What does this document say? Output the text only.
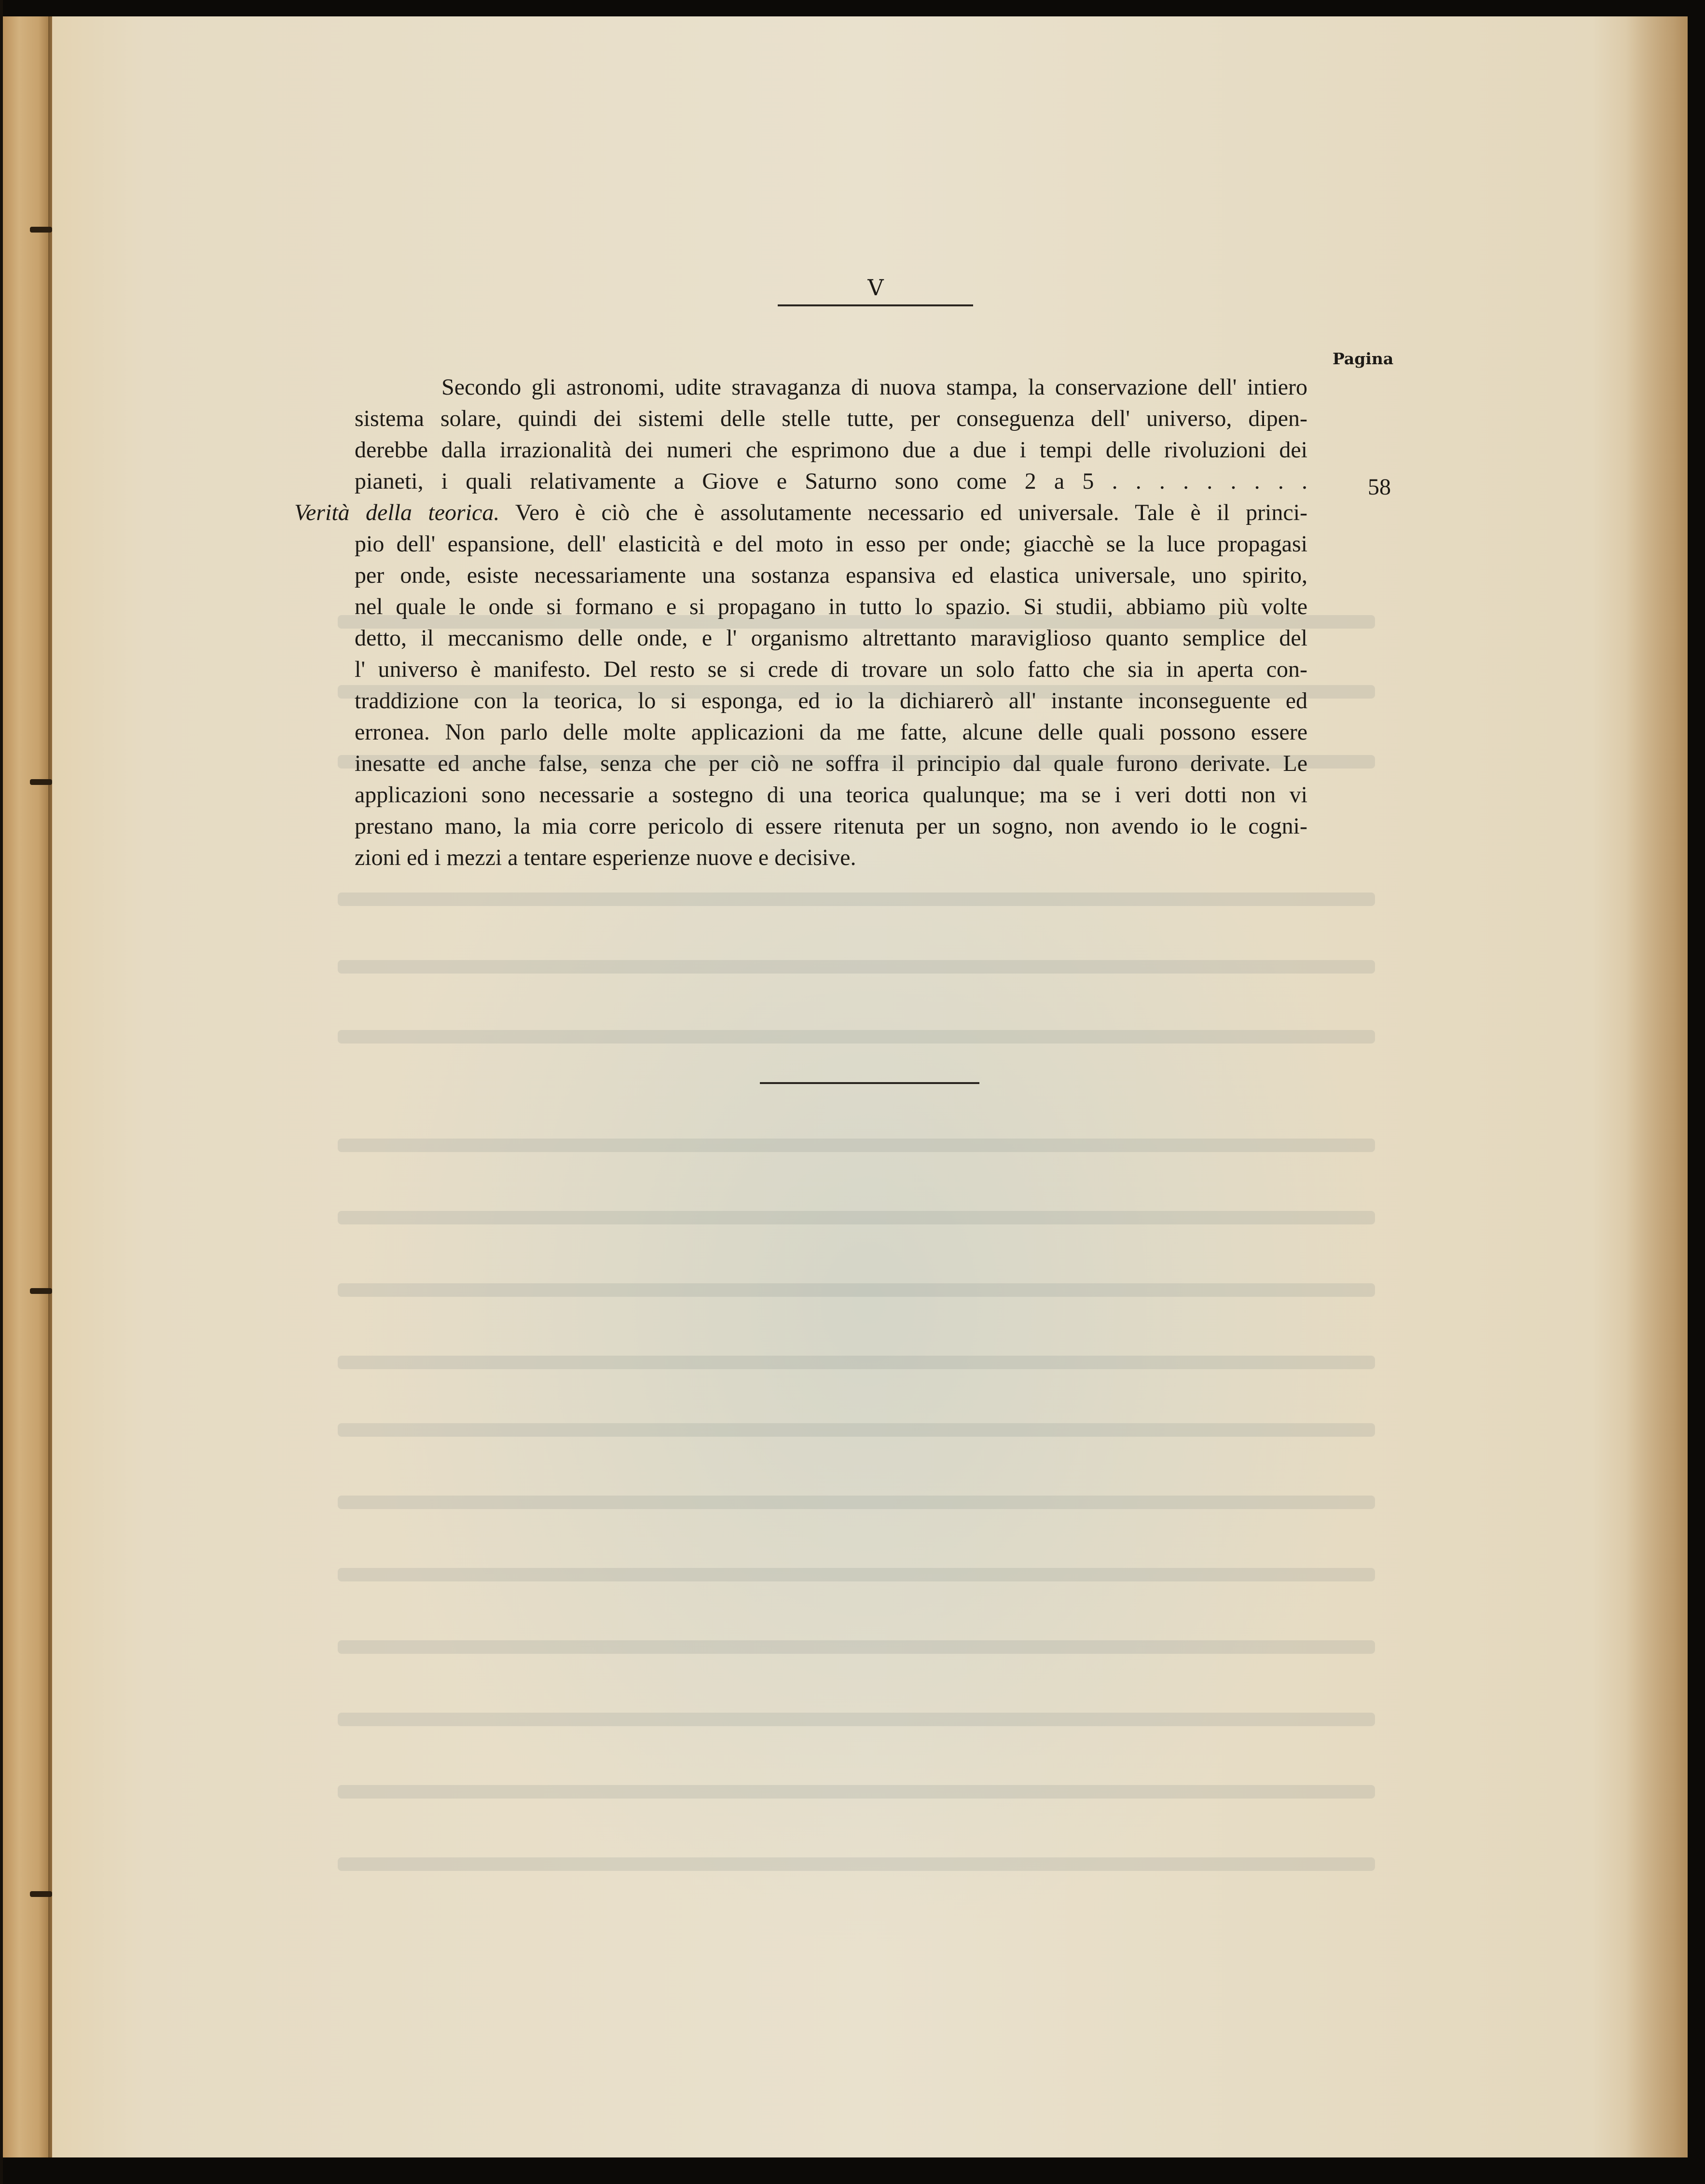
V
Pagina
Secondo gli astronomi, udite stravaganza di nuova stampa, la conservazione dell' intiero
sistema solare, quindi dei sistemi delle stelle tutte, per conseguenza dell' universo, dipen-
derebbe dalla irrazionalità dei numeri che esprimono due a due i tempi delle rivoluzioni dei
pianeti, i quali relativamente a Giove e Saturno sono come 2 a 5 . . . . . . . . .
Verità della teorica. Vero è ciò che è assolutamente necessario ed universale. Tale è il princi-
pio dell' espansione, dell' elasticità e del moto in esso per onde; giacchè se la luce propagasi
per onde, esiste necessariamente una sostanza espansiva ed elastica universale, uno spirito,
nel quale le onde si formano e si propagano in tutto lo spazio. Si studii, abbiamo più volte
detto, il meccanismo delle onde, e l' organismo altrettanto maraviglioso quanto semplice del
l' universo è manifesto. Del resto se si crede di trovare un solo fatto che sia in aperta con-
traddizione con la teorica, lo si esponga, ed io la dichiarerò all' instante inconseguente ed
erronea. Non parlo delle molte applicazioni da me fatte, alcune delle quali possono essere
inesatte ed anche false, senza che per ciò ne soffra il principio dal quale furono derivate. Le
applicazioni sono necessarie a sostegno di una teorica qualunque; ma se i veri dotti non vi
prestano mano, la mia corre pericolo di essere ritenuta per un sogno, non avendo io le cogni-
zioni ed i mezzi a tentare esperienze nuove e decisive.
58
